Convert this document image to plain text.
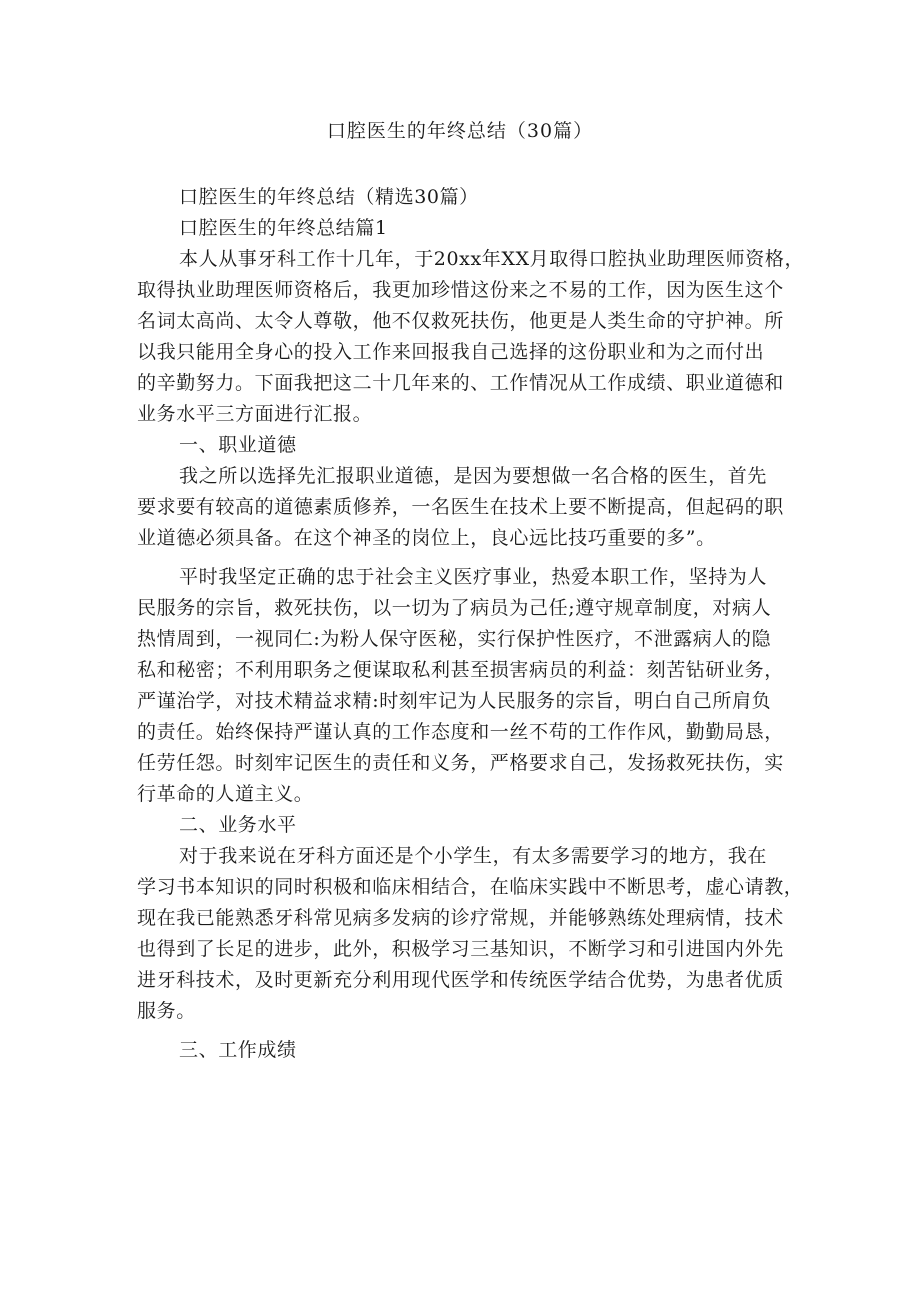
口腔医生的年终总结（30篇）
口腔医生的年终总结（精选30篇）
口腔医生的年终总结篇1
本人从事牙科工作十几年，于20xx年XX月取得口腔执业助理医师资格，
取得执业助理医师资格后，我更加珍惜这份来之不易的工作，因为医生这个
名词太高尚、太令人尊敬，他不仅救死扶伤，他更是人类生命的守护神。所
以我只能用全身心的投入工作来回报我自己选择的这份职业和为之而付出
的辛勤努力。下面我把这二十几年来的、工作情况从工作成绩、职业道德和
业务水平三方面进行汇报。
一、职业道德
我之所以选择先汇报职业道德，是因为要想做一名合格的医生，首先
要求要有较高的道德素质修养，一名医生在技术上要不断提高，但起码的职
业道德必须具备。在这个神圣的岗位上，良心远比技巧重要的多”。
平时我坚定正确的忠于社会主义医疗事业，热爱本职工作，坚持为人
民服务的宗旨，救死扶伤，以一切为了病员为己任;遵守规章制度，对病人
热情周到，一视同仁:为粉人保守医秘，实行保护性医疗，不泄露病人的隐
私和秘密；不利用职务之便谋取私利甚至损害病员的利益：刻苦钻研业务，
严谨治学，对技术精益求精:时刻牢记为人民服务的宗旨，明白自己所肩负
的责任。始终保持严谨认真的工作态度和一丝不苟的工作作风，勤勤局恳，
任劳任怨。时刻牢记医生的责任和义务，严格要求自己，发扬救死扶伤，实
行革命的人道主义。
二、业务水平
对于我来说在牙科方面还是个小学生，有太多需要学习的地方，我在
学习书本知识的同时积极和临床相结合，在临床实践中不断思考，虚心请教，
现在我已能熟悉牙科常见病多发病的诊疗常规，并能够熟练处理病情，技术
也得到了长足的进步，此外，积极学习三基知识，不断学习和引进国内外先
进牙科技术，及时更新充分利用现代医学和传统医学结合优势，为患者优质
服务。
三、工作成绩
